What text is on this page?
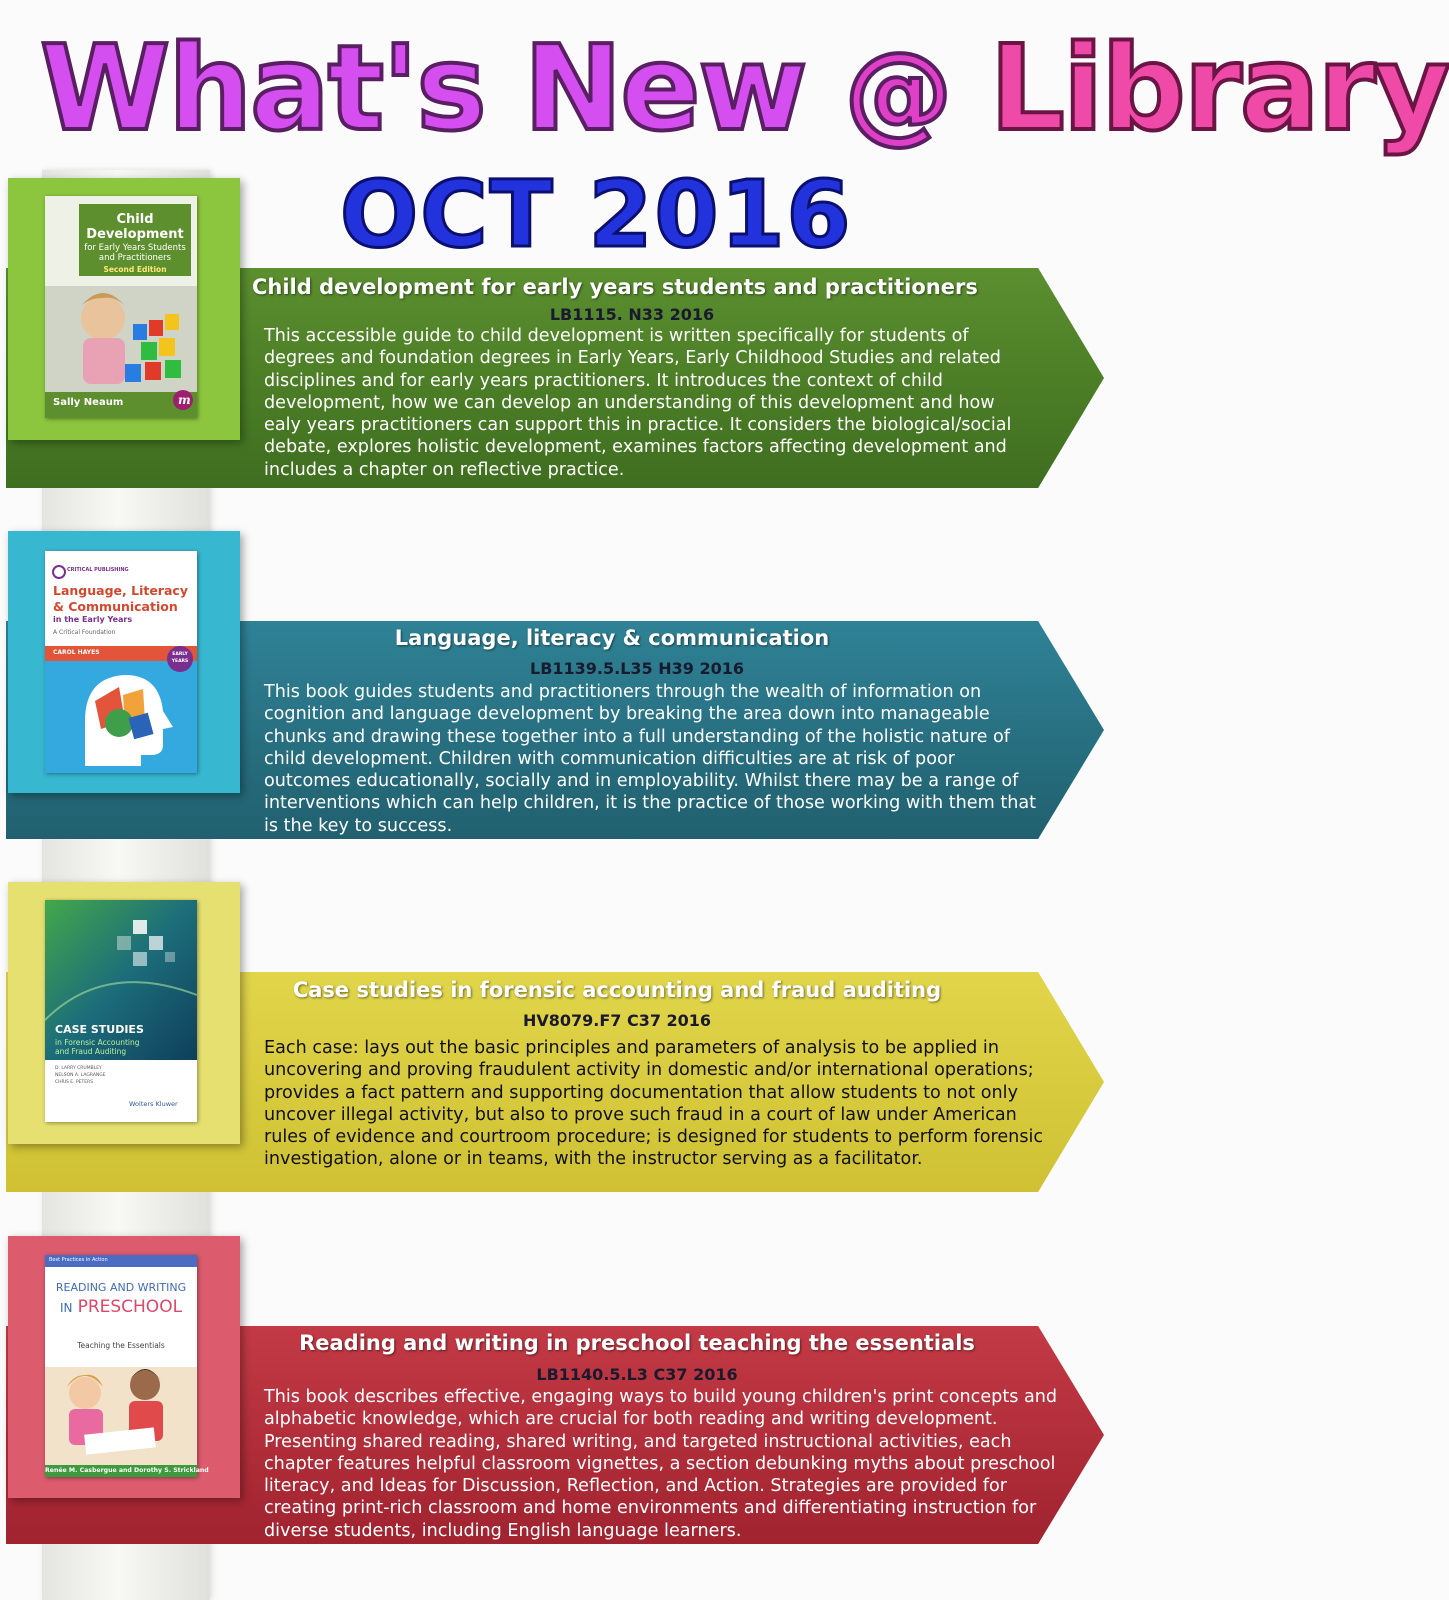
What's New @ Library
OCT 2016
Child
Development
for Early Years Students
and Practitioners
Second Edition
Sally Neaum	m
Child development for early years students and practitioners
LB1115. N33 2016
This accessible guide to child development is written specifically for students of degrees and foundation degrees in Early Years, Early Childhood Studies and related disciplines and for early years practitioners. It introduces the context of child development, how we can develop an understanding of this development and how ealy years practitioners can support this in practice. It considers the biological/social debate, explores holistic development, examines factors affecting development and includes a chapter on reflective practice.
CRITICAL PUBLISHING
Language, Literacy
& Communication
in the Early Years
A Critical Foundation
CAROL HAYES	EARLY
YEARS
Language, literacy & communication
LB1139.5.L35 H39 2016
This book guides students and practitioners through the wealth of information on cognition and language development by breaking the area down into manageable chunks and drawing these together into a full understanding of the holistic nature of child development. Children with communication difficulties are at risk of poor outcomes educationally, socially and in employability. Whilst there may be a range of interventions which can help children, it is the practice of those working with them that is the key to success.
CASE STUDIES
in Forensic Accounting
and Fraud Auditing
D. LARRY CRUMBLEY
NELSON A. LAGRANGE
CHRIS E. PETERS
Wolters Kluwer
Case studies in forensic accounting and fraud auditing
HV8079.F7 C37 2016
Each case: lays out the basic principles and parameters of analysis to be applied in uncovering and proving fraudulent activity in domestic and/or international operations; provides a fact pattern and supporting documentation that allow students to not only uncover illegal activity, but also to prove such fraud in a court of law under American rules of evidence and courtroom procedure; is designed for students to perform forensic investigation, alone or in teams, with the instructor serving as a facilitator.
Best Practices in Action
READING AND WRITING
IN PRESCHOOL
Teaching the Essentials
Renée M. Casbergue and Dorothy S. Strickland
Reading and writing in preschool teaching the essentials
LB1140.5.L3 C37 2016
This book describes effective, engaging ways to build young children's print concepts and alphabetic knowledge, which are crucial for both reading and writing development. Presenting shared reading, shared writing, and targeted instructional activities, each chapter features helpful classroom vignettes, a section debunking myths about preschool literacy, and Ideas for Discussion, Reflection, and Action. Strategies are provided for creating print-rich classroom and home environments and differentiating instruction for diverse students, including English language learners.
